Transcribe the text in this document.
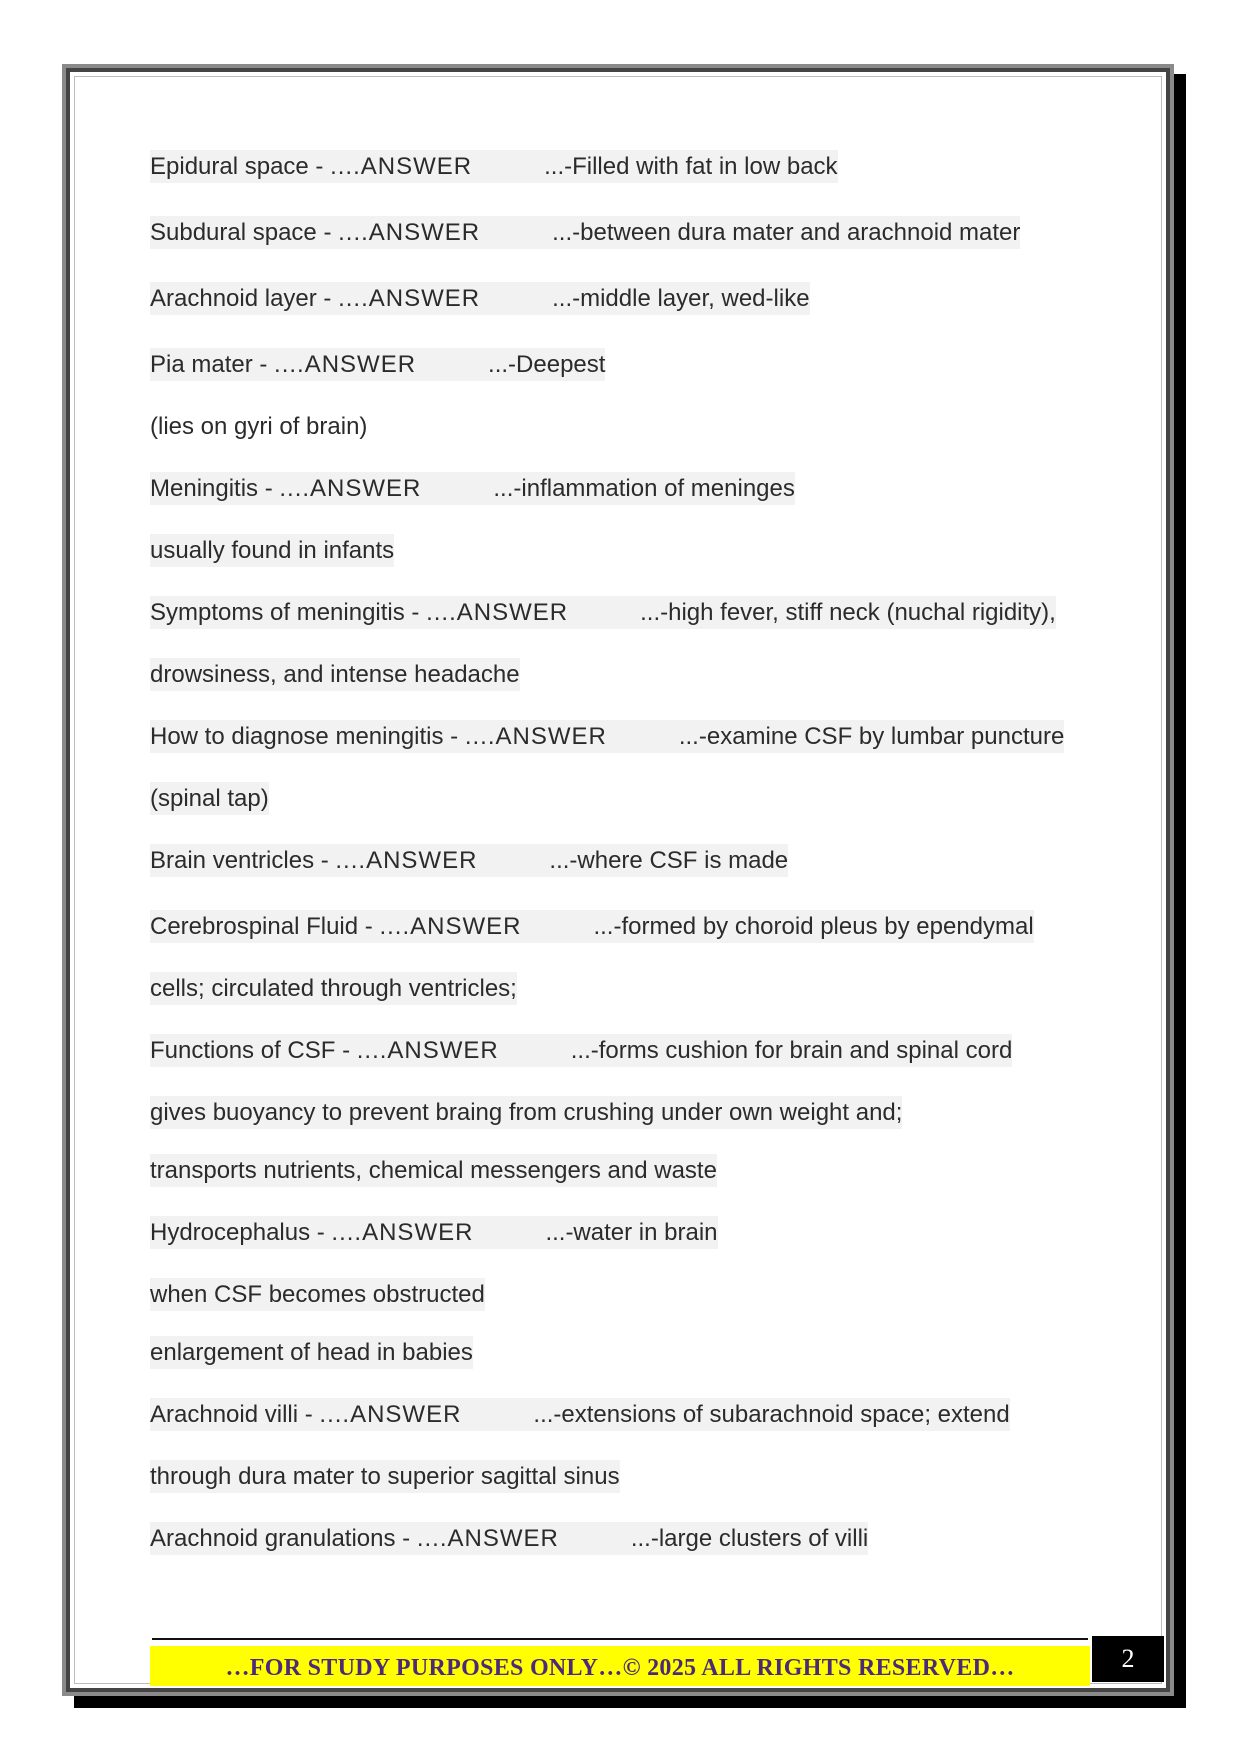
Epidural space - ....ANSWER	...-Filled with fat in low back
Subdural space - ....ANSWER	...-between dura mater and arachnoid mater
Arachnoid layer - ....ANSWER	...-middle layer, wed-like
Pia mater - ....ANSWER	...-Deepest
(lies on gyri of brain)
Meningitis - ....ANSWER	...-inflammation of meninges
usually found in infants
Symptoms of meningitis - ....ANSWER	...-high fever, stiff neck (nuchal rigidity),
drowsiness, and intense headache
How to diagnose meningitis - ....ANSWER	...-examine CSF by lumbar puncture
(spinal tap)
Brain ventricles - ....ANSWER	...-where CSF is made
Cerebrospinal Fluid - ....ANSWER	...-formed by choroid pleus by ependymal
cells; circulated through ventricles;
Functions of CSF - ....ANSWER	...-forms cushion for brain and spinal cord
gives buoyancy to prevent braing from crushing under own weight and;
transports nutrients, chemical messengers and waste
Hydrocephalus - ....ANSWER	...-water in brain
when CSF becomes obstructed
enlargement of head in babies
Arachnoid villi - ....ANSWER	...-extensions of subarachnoid space; extend
through dura mater to superior sagittal sinus
Arachnoid granulations - ....ANSWER	...-large clusters of villi
…FOR STUDY PURPOSES ONLY…© 2025 ALL RIGHTS RESERVED…	2
